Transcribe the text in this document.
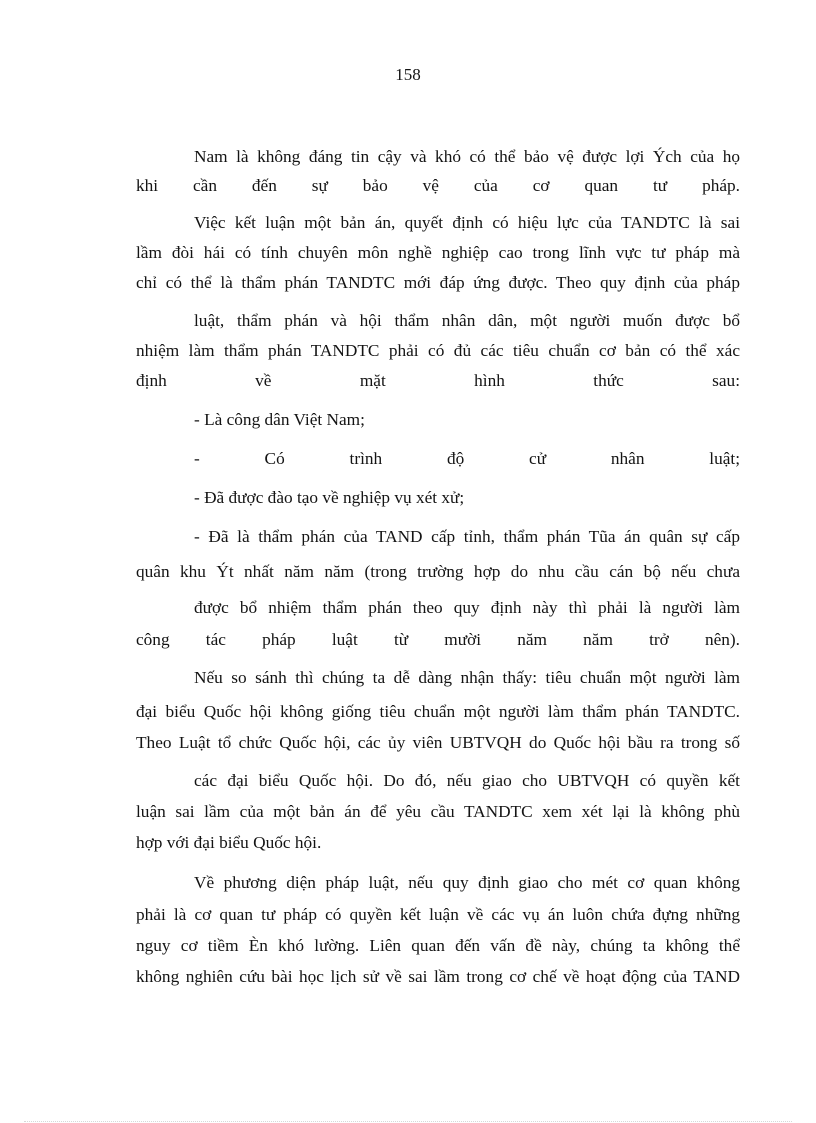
158

Nam là không đáng tin cậy và khó có thể bảo vệ được lợi Ých của họ

khi cần đến sự bảo vệ của cơ quan tư pháp.

Việc kết luận một bản án, quyết định có hiệu lực của TANDTC là sai

lầm đòi hái có tính chuyên môn nghề nghiệp cao trong lĩnh vực tư pháp mà

chỉ có thể là thẩm phán TANDTC mới đáp ứng được. Theo quy định của pháp

luật, thẩm phán và hội thẩm nhân dân, một người muốn được bổ

nhiệm làm thẩm phán TANDTC phải có đủ các tiêu chuẩn cơ bản có thể xác

định về mặt hình thức sau:

- Là công dân Việt Nam;

- Có trình độ cử nhân luật;

- Đã được đào tạo về nghiệp vụ xét xử;

- Đã là thẩm phán của TAND cấp tỉnh, thẩm phán Tũa án quân sự cấp

quân khu Ýt nhất năm năm (trong trường hợp do nhu cầu cán bộ nếu chưa

được bổ nhiệm thẩm phán theo quy định này thì phải là người làm

công tác pháp luật từ mười năm năm trở nên).

Nếu so sánh thì chúng ta dễ dàng nhận thấy: tiêu chuẩn một người làm

đại biểu Quốc hội không giống tiêu chuẩn một người làm thẩm phán TANDTC.

Theo Luật tổ chức Quốc hội, các ủy viên UBTVQH do Quốc hội bầu ra trong số

các đại biểu Quốc hội. Do đó, nếu giao cho UBTVQH có quyền kết

luận sai lầm của một bản án để yêu cầu TANDTC xem xét lại là không phù

hợp với đại biểu Quốc hội.

Về phương diện pháp luật, nếu quy định giao cho mét cơ quan không

phải là cơ quan tư pháp có quyền kết luận về các vụ án luôn chứa đựng những

nguy cơ tiềm Èn khó lường. Liên quan đến vấn đề này, chúng ta không thể

không nghiên cứu bài học lịch sử về sai lầm trong cơ chế về hoạt động của TAND
